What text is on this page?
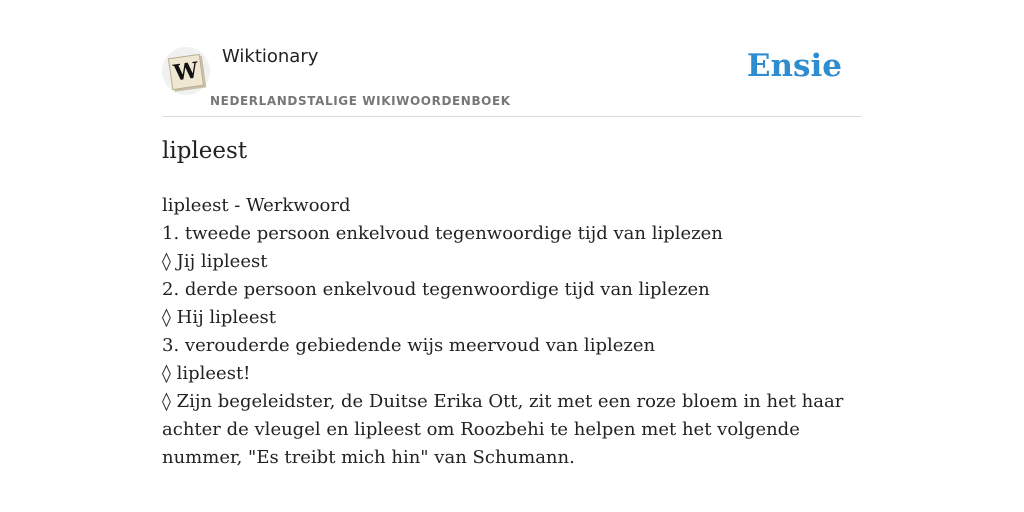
W
Wiktionary
NEDERLANDSTALIGE WIKIWOORDENBOEK
Ensie
lipleest
lipleest - Werkwoord
1. tweede persoon enkelvoud tegenwoordige tijd van liplezen
◊ Jij lipleest
2. derde persoon enkelvoud tegenwoordige tijd van liplezen
◊ Hij lipleest
3. verouderde gebiedende wijs meervoud van liplezen
◊ lipleest!
◊ Zijn begeleidster, de Duitse Erika Ott, zit met een roze bloem in het haar achter de vleugel en lipleest om Roozbehi te helpen met het volgende nummer, "Es treibt mich hin" van Schumann.
